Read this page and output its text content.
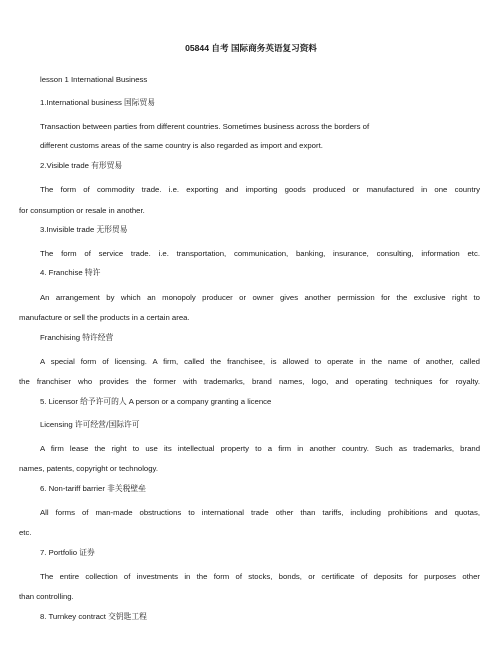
05844 自考 国际商务英语复习资料
lesson 1 International Business
1.International business 国际贸易
Transaction between parties from different countries. Sometimes business across the borders of
different customs areas of the same country is also regarded as import and export.
2.Visible trade 有形贸易
The form of commodity trade. i.e. exporting and importing goods produced or manufactured in one country
for consumption or resale in another.
3.Invisible trade 无形贸易
The form of service trade. i.e. transportation, communication, banking, insurance, consulting, information etc.
4. Franchise 特许
An arrangement by which an monopoly producer or owner gives another permission for the exclusive right to
manufacture or sell the products in a certain area.
Franchising 特许经营
A special form of licensing. A firm, called the franchisee, is allowed to operate in the name of another, called
the franchiser who provides the former with trademarks, brand names, logo, and operating techniques for royalty.
5. Licensor 给予许可的人 A person or a company granting a licence
Licensing 许可经营/国际许可
A firm lease the right to use its intellectual property to a firm in another country. Such as trademarks, brand
names, patents, copyright or technology.
6. Non-tariff barrier 非关税壁垒
All forms of man-made obstructions to international trade other than tariffs, including prohibitions and quotas,
etc.
7. Portfolio 证券
The entire collection of investments in the form of stocks, bonds, or certificate of deposits for purposes other
than controlling.
8. Turnkey contract 交钥匙工程
